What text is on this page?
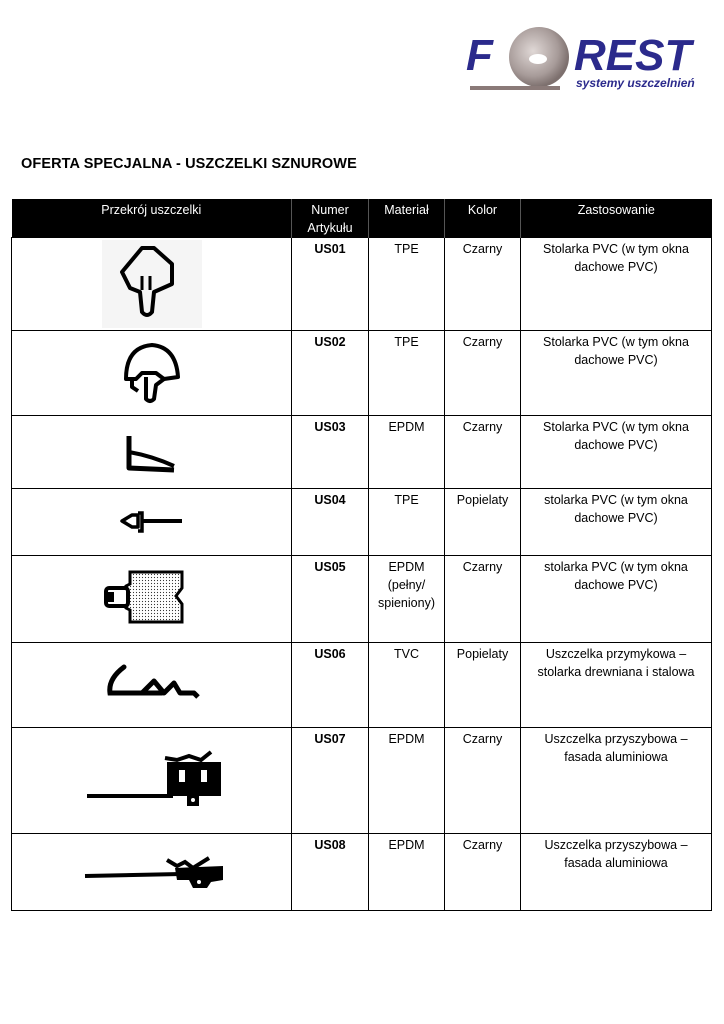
F REST
systemy uszczelnień
OFERTA SPECJALNA - USZCZELKI SZNUROWE
Przekrój uszczelki	Numer Artykułu	Materiał	Kolor	Zastosowanie

	US01	TPE	Czarny	Stolarka PVC (w tym okna dachowe PVC)

	US02	TPE	Czarny	Stolarka PVC (w tym okna dachowe PVC)

	US03	EPDM	Czarny	Stolarka PVC (w tym okna dachowe PVC)

	US04	TPE	Popielaty	stolarka PVC (w tym okna dachowe PVC)

	US05	EPDM (pełny/ spieniony)	Czarny	stolarka PVC (w tym okna dachowe PVC)

	US06	TVC	Popielaty	Uszczelka przymykowa – stolarka drewniana i stalowa

	US07	EPDM	Czarny	Uszczelka przyszybowa – fasada aluminiowa

	US08	EPDM	Czarny	Uszczelka przyszybowa – fasada aluminiowa
